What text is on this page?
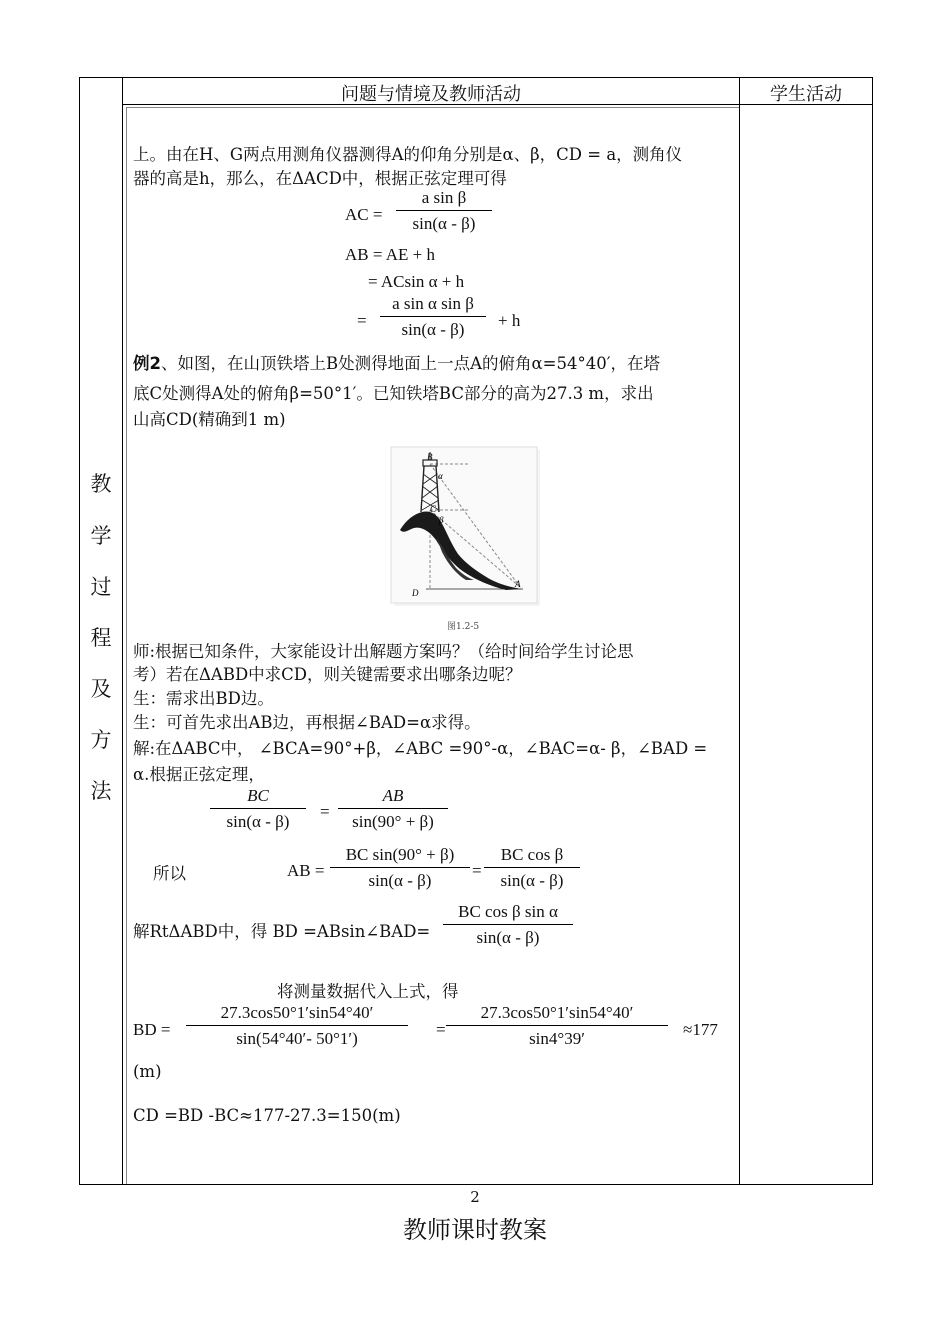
问题与情境及教师活动	学生活动
教
学
过
程
及
方
法
上。由在H、G两点用测角仪器测得A的仰角分别是α、β，CD = a，测角仪
器的高是h，那么，在ΔACD中，根据正弦定理可得
AC = $\frac{\text{a sin β}}{\sin(\alpha - \beta)}$
AB = AE + h
= ACsin α + h
= $\frac{\text{a sin α sin β}}{\sin(\alpha - \beta)} + h$
例2、如图，在山顶铁塔上B处测得地面上一点A的俯角α=54°40′，在塔
底C处测得A处的俯角β=50°1′。已知铁塔BC部分的高为27.3 m，求出
山高CD(精确到1 m)
B
C
D
A
α
β
图1.2-5
师:根据已知条件，大家能设计出解题方案吗？（给时间给学生讨论思
考）若在ΔABD中求CD，则关键需要求出哪条边呢？
生：需求出BD边。
生：可首先求出AB边，再根据∠BAD=α求得。
解:在ΔABC中， ∠BCA=90°+β，∠ABC =90°-α，∠BAC=α- β，∠BAD =
α.根据正弦定理，
$\frac{BC}{\sin(\alpha - \beta)} = \frac{AB}{\sin(90^\circ + \beta)}$
所以	AB = $\frac{\text{BC sin(90° + β)}}{\sin(\alpha - \beta)} = \frac{\text{BC cos β}}{\sin(\alpha - \beta)}$
解RtΔABD中，得 BD =ABsin∠BAD= $\frac{\text{BC cos β sin α}}{\sin(\alpha - \beta)}$
将测量数据代入上式，得
BD = $\frac{27.3\cos 50^\circ 1'\sin 54^\circ 40'}{\sin(54^\circ 40'- 50^\circ 1')} = \frac{27.3\cos 50^\circ 1'\sin 54^\circ 40'}{\sin 4^\circ 39'} \approx 177$
(m)
CD =BD -BC≈177-27.3=150(m)
2
教师课时教案
